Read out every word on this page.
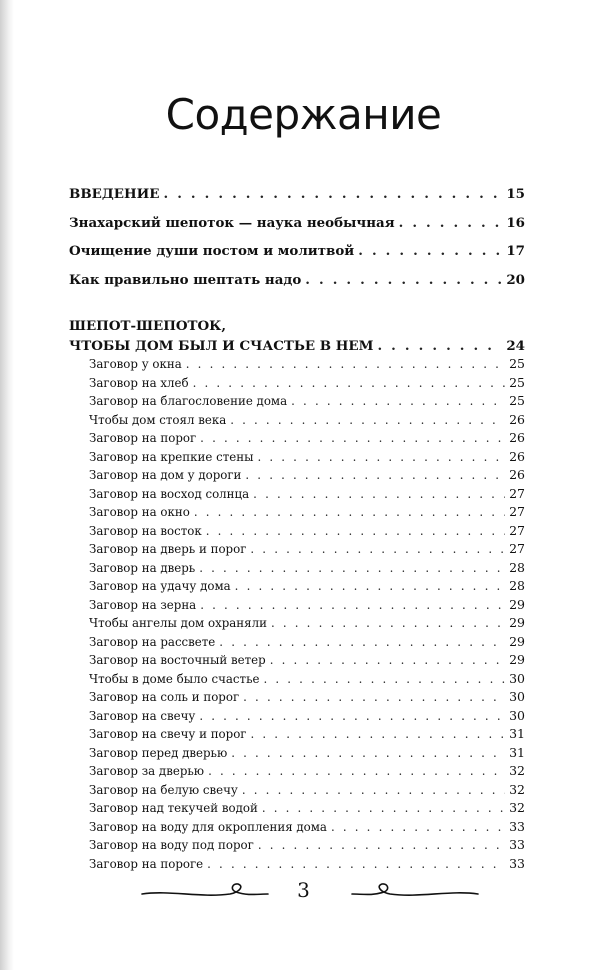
Содержание
ВВЕДЕНИЕ . . .	15
Знахарский шепоток — наука необычная . . .	16
Очищение души постом и молитвой . . .	17
Как правильно шептать надо . . .	20
ШЕПОТ-ШЕПОТОК,
ЧТОБЫ ДОМ БЫЛ И СЧАСТЬЕ В НЕМ . . .	24
Заговор у окна . . .	25
Заговор на хлеб . . .	25
Заговор на благословение дома . . .	25
Чтобы дом стоял века . . .	26
Заговор на порог . . .	26
Заговор на крепкие стены . . .	26
Заговор на дом у дороги . . .	26
Заговор на восход солнца . . .	27
Заговор на окно . . .	27
Заговор на восток . . .	27
Заговор на дверь и порог . . .	27
Заговор на дверь . . .	28
Заговор на удачу дома . . .	28
Заговор на зерна . . .	29
Чтобы ангелы дом охраняли . . .	29
Заговор на рассвете . . .	29
Заговор на восточный ветер . . .	29
Чтобы в доме было счастье . . .	30
Заговор на соль и порог . . .	30
Заговор на свечу . . .	30
Заговор на свечу и порог . . .	31
Заговор перед дверью . . .	31
Заговор за дверью . . .	32
Заговор на белую свечу . . .	32
Заговор над текучей водой . . .	32
Заговор на воду для окропления дома . . .	33
Заговор на воду под порог . . .	33
Заговор на пороге . . .	33
3
